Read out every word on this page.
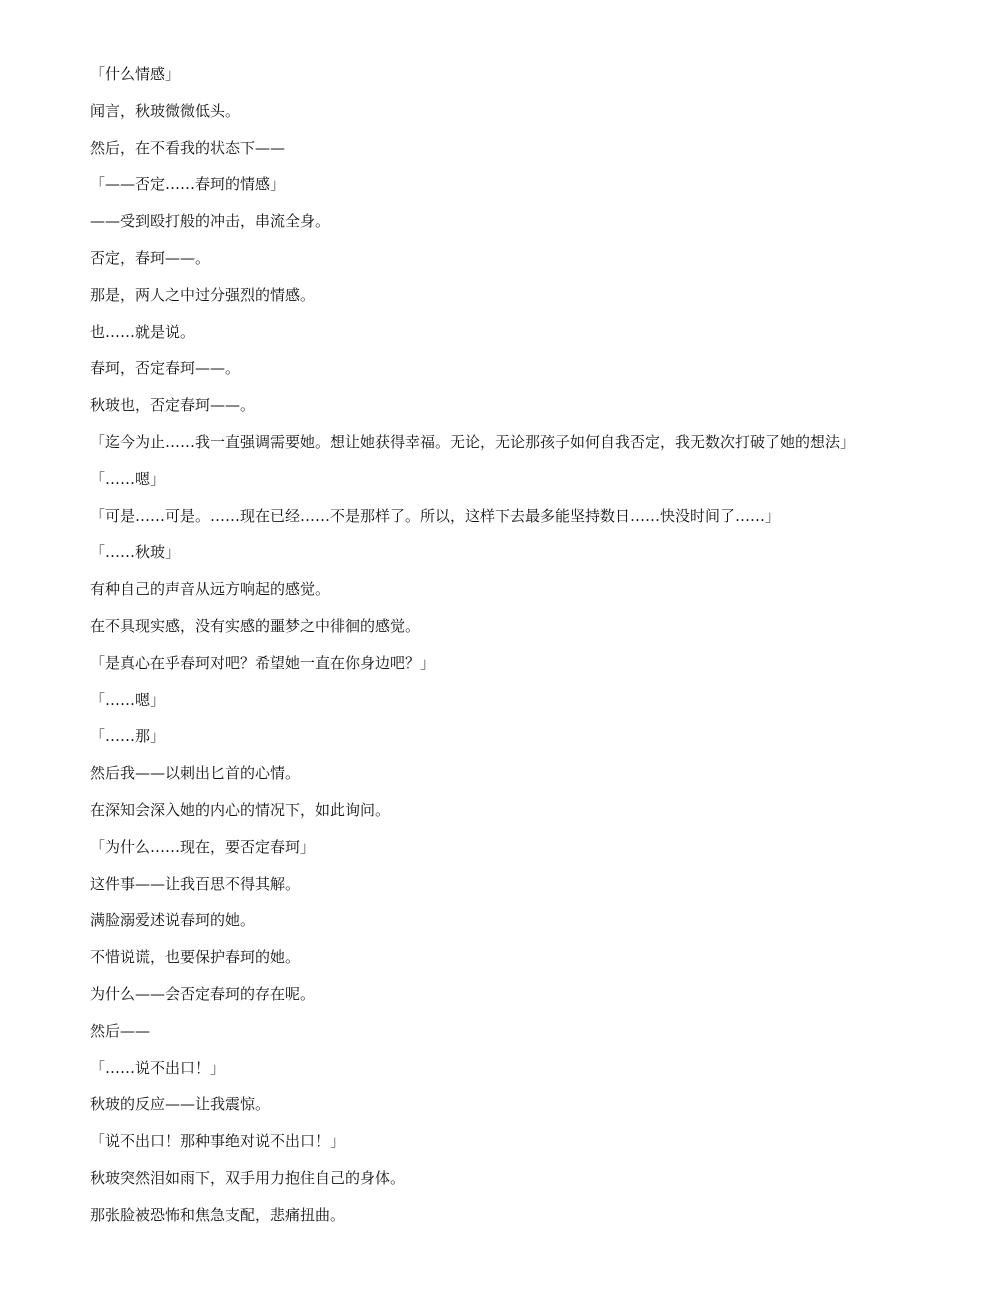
「什么情感」

闻言，秋玻微微低头。

然后，在不看我的状态下——

「——否定……春珂的情感」

——受到殴打般的冲击，串流全身。

否定，春珂——。

那是，两人之中过分强烈的情感。

也……就是说。

春珂，否定春珂——。

秋玻也，否定春珂——。

「迄今为止……我一直强调需要她。想让她获得幸福。无论，无论那孩子如何自我否定，我无数次打破了她的想法」

「……嗯」

「可是……可是。……现在已经……不是那样了。所以，这样下去最多能坚持数日……快没时间了……」

「……秋玻」

有种自己的声音从远方响起的感觉。

在不具现实感，没有实感的噩梦之中徘徊的感觉。

「是真心在乎春珂对吧？希望她一直在你身边吧？」

「……嗯」

「……那」

然后我——以刺出匕首的心情。

在深知会深入她的内心的情况下，如此询问。

「为什么……现在，要否定春珂」

这件事——让我百思不得其解。

满脸溺爱述说春珂的她。

不惜说谎，也要保护春珂的她。

为什么——会否定春珂的存在呢。

然后——

「……说不出口！」

秋玻的反应——让我震惊。

「说不出口！那种事绝对说不出口！」

秋玻突然泪如雨下，双手用力抱住自己的身体。

那张脸被恐怖和焦急支配，悲痛扭曲。
